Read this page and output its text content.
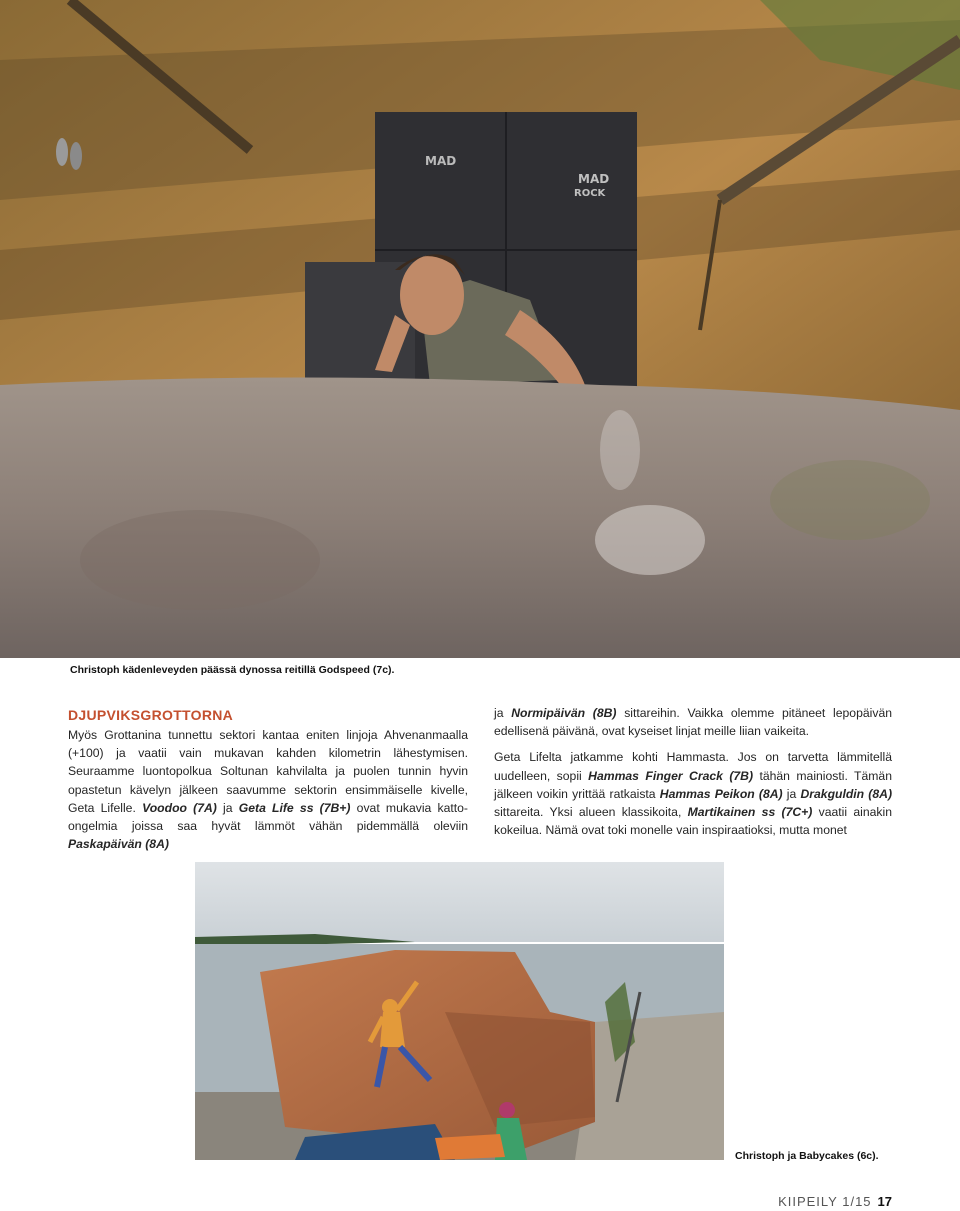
MAD
MAD
ROCK
Christoph kädenleveyden päässä dynossa reitillä Godspeed (7c).
DJUPVIKSGROTTORNA

Myös Grottanina tunnettu sektori kantaa eniten linjoja Ahvenanmaalla (+100) ja vaatii vain mukavan kahden kilometrin lähestymisen. Seuraamme luontopolkua Soltunan kahvilalta ja puolen tunnin hyvin opastetun kävelyn jälkeen saavumme sektorin ensimmäiselle kivelle, Geta Lifelle. Voodoo (7A) ja Geta Life ss (7B+) ovat mukavia katto-ongelmia joissa saa hyvät lämmöt vähän pidemmällä oleviin Paskapäivän (8A)

ja Normipäivän (8B) sittareihin. Vaikka olemme pitäneet lepopäivän edellisenä päivänä, ovat kyseiset linjat meille liian vaikeita.

Geta Lifelta jatkamme kohti Hammasta. Jos on tarvetta lämmitellä uudelleen, sopii Hammas Finger Crack (7B) tähän mainiosti. Tämän jälkeen voikin yrittää ratkaista Hammas Peikon (8A) ja Drakguldin (8A) sittareita. Yksi alueen klassikoita, Martikainen ss (7C+) vaatii ainakin kokeilua. Nämä ovat toki monelle vain inspiraatioksi, mutta monet

Christoph ja Babycakes (6c).
KIIPEILY 1/15 17
